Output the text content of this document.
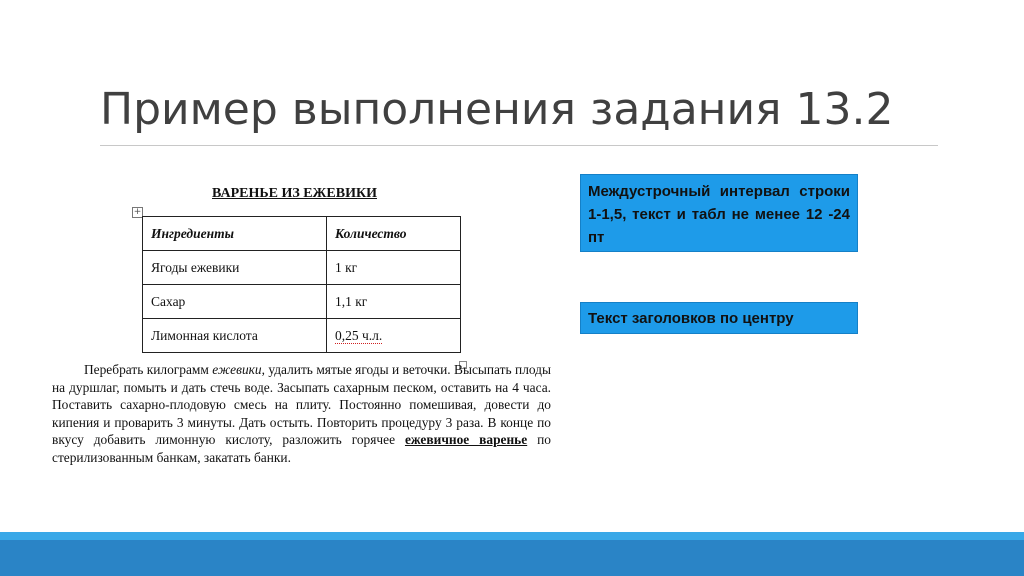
Пример выполнения задания 13.2
ВАРЕНЬЕ ИЗ ЕЖЕВИКИ
+
Ингредиенты	Количество
Ягоды ежевики	1 кг
Сахар	1,1 кг
Лимонная кислота	0,25 ч.л.
Перебрать килограмм ежевики, удалить мятые ягоды и веточки. Высыпать плоды на дуршлаг, помыть и дать стечь воде. Засыпать сахарным песком, оставить на 4 часа. Поставить сахарно-плодовую смесь на плиту. Постоянно помешивая, довести до кипения и проварить 3 минуты. Дать остыть. Повторить процедуру 3 раза. В конце по вкусу добавить лимонную кислоту, разложить горячее ежевичное варенье по стерилизованным банкам, закатать банки.
Междустрочный интервал строки 1-1,5, текст и табл не менее 12 -24 пт
Текст заголовков по центру
